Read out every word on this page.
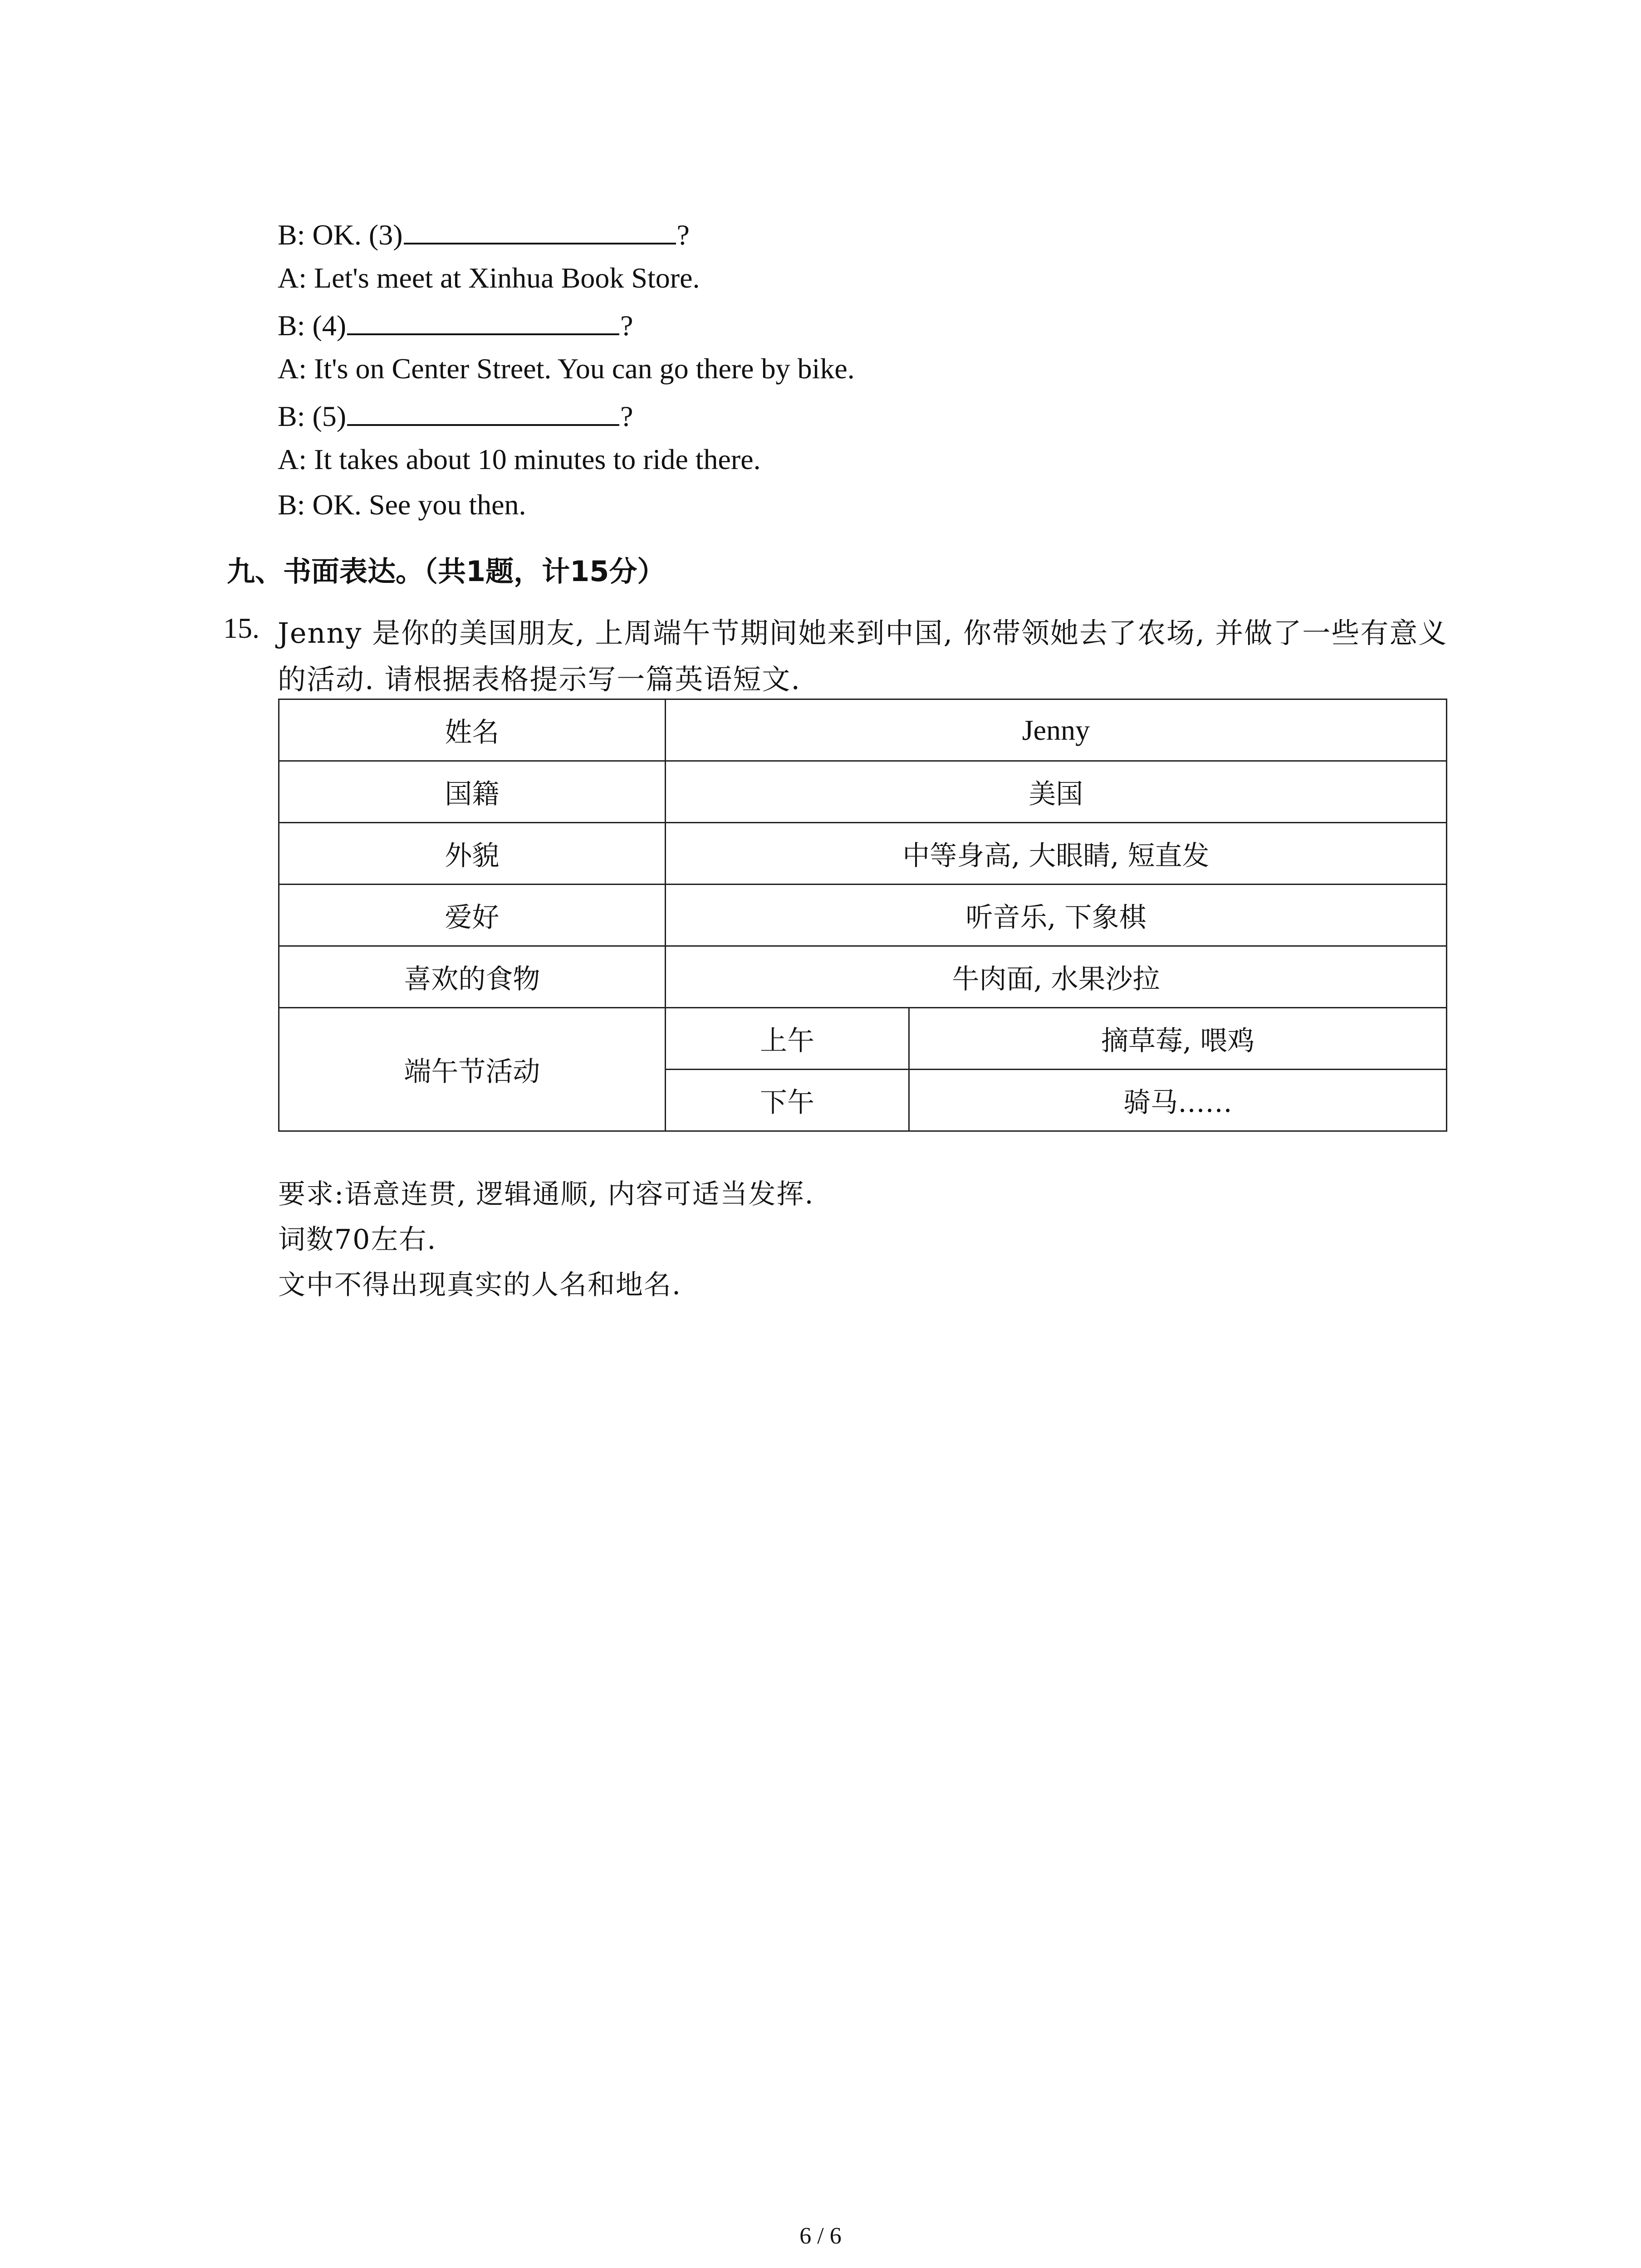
B: OK. (3)	?
A: Let's meet at Xinhua Book Store.
B: (4)	?
A: It's on Center Street. You can go there by bike.
B: (5)	?
A: It takes about 10 minutes to ride there.
B: OK. See you then.
九、书面表达。（共1题，计15分）
15. Jenny 是你的美国朋友, 上周端午节期间她来到中国, 你带领她去了农场, 并做了一些有意义的活动. 请根据表格提示写一篇英语短文.
姓名	Jenny	
国籍	美国	
外貌	中等身高, 大眼睛, 短直发	
爱好	听音乐, 下象棋	
喜欢的食物	牛肉面, 水果沙拉	
端午节活动	上午	摘草莓, 喂鸡
	下午	骑马……
要求:语意连贯, 逻辑通顺, 内容可适当发挥.
词数70左右.
文中不得出现真实的人名和地名.
6 / 6
